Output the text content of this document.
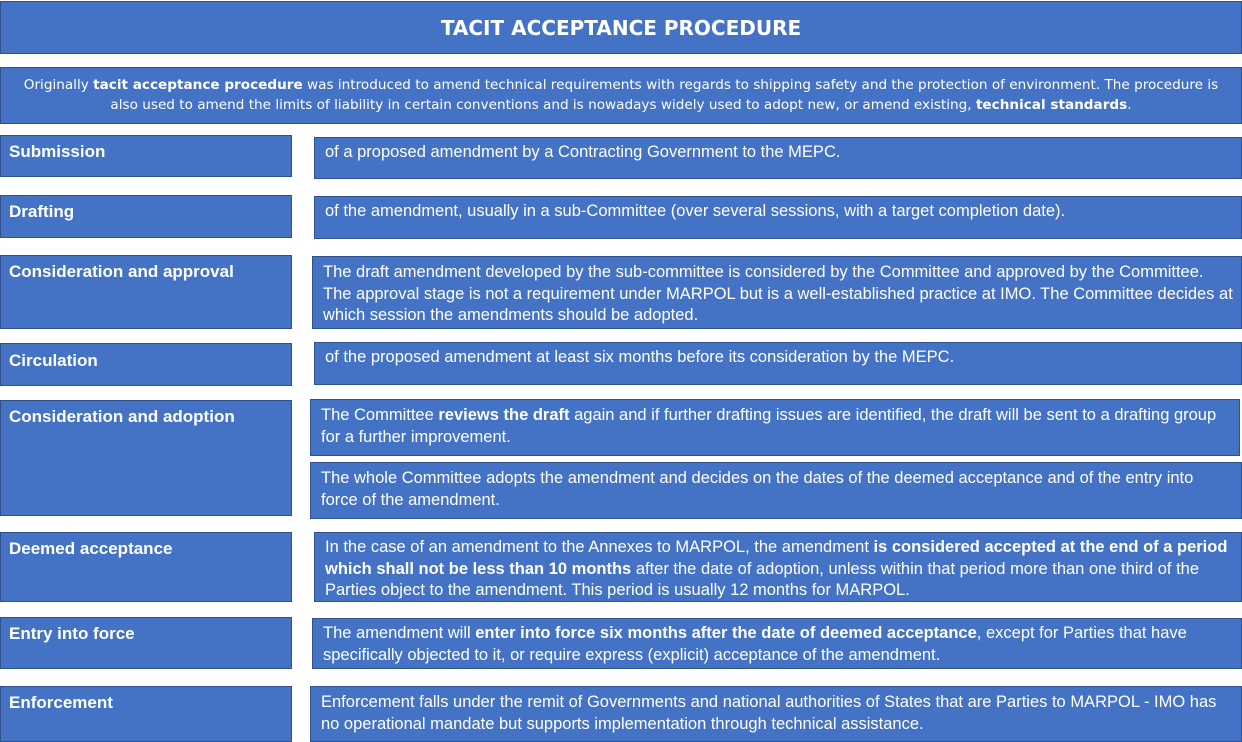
TACIT ACCEPTANCE PROCEDURE
Originally tacit acceptance procedure was introduced to amend technical requirements with regards to shipping safety and the protection of environment. The procedure is also used to amend the limits of liability in certain conventions and is nowadays widely used to adopt new, or amend existing, technical standards.
Submission	of a proposed amendment by a Contracting Government to the MEPC.
Drafting	of the amendment, usually in a sub-Committee (over several sessions, with a target completion date).
Consideration and approval	The draft amendment developed by the sub-committee is considered by the Committee and approved by the Committee. The approval stage is not a requirement under MARPOL but is a well-established practice at IMO. The Committee decides at which session the amendments should be adopted.
Circulation	of the proposed amendment at least six months before its consideration by the MEPC.
Consideration and adoption	The Committee reviews the draft again and if further drafting issues are identified, the draft will be sent to a drafting group for a further improvement.
The whole Committee adopts the amendment and decides on the dates of the deemed acceptance and of the entry into force of the amendment.
Deemed acceptance	In the case of an amendment to the Annexes to MARPOL, the amendment is considered accepted at the end of a period which shall not be less than 10 months after the date of adoption, unless within that period more than one third of the Parties object to the amendment. This period is usually 12 months for MARPOL.
Entry into force	The amendment will enter into force six months after the date of deemed acceptance, except for Parties that have specifically objected to it, or require express (explicit) acceptance of the amendment.
Enforcement	Enforcement falls under the remit of Governments and national authorities of States that are Parties to MARPOL - IMO has no operational mandate but supports implementation through technical assistance.
